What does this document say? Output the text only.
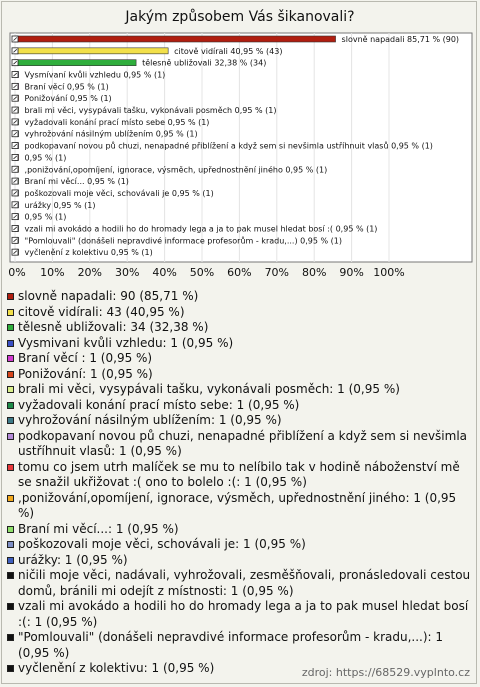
Jakým způsobem Vás šikanovali?
0% 10% 20% 30% 40% 50% 60% 70% 80% 90% 100%
slovně napadali 85,71 % (90)
citově vidírali 40,95 % (43)
tělesně ubližovali 32,38 % (34)
Vysmívaní kvůli vzhledu 0,95 % (1)
Braní věcí 0,95 % (1)
Ponižování 0,95 % (1)
brali mi věci, vysypávali tašku, vykonávali posměch 0,95 % (1)
vyžadovali konání prací místo sebe 0,95 % (1)
vyhrožování násilným ublížením 0,95 % (1)
podkopavaní novou pů chuzi, nenapadné přiblížení a když sem si nevšimla ustříhnuit vlasů 0,95 % (1)
0,95 % (1)
,ponižování,opomíjení, ignorace, výsměch, upřednostnění jiného 0,95 % (1)
Braní mi věcí... 0,95 % (1)
poškozovali moje věci, schovávali je 0,95 % (1)
urážky 0,95 % (1)
0,95 % (1)
vzali mi avokádo a hodili ho do hromady lega a ja to pak musel hledat bosí :( 0,95 % (1)
"Pomlouvali" (donášeli nepravdivé informace profesorům - kradu,...) 0,95 % (1)
vyčlenění z kolektivu 0,95 % (1)
slovně napadali: 90 (85,71 %)
citově vidírali: 43 (40,95 %)
tělesně ubližovali: 34 (32,38 %)
Vysmivani kvůli vzhledu: 1 (0,95 %)
Braní věcí : 1 (0,95 %)
Ponižování: 1 (0,95 %)
brali mi věci, vysypávali tašku, vykonávali posměch: 1 (0,95 %)
vyžadovali konání prací místo sebe: 1 (0,95 %)
vyhrožování násilným ublížením: 1 (0,95 %)
podkopavaní novou pů chuzi, nenapadné přiblížení a když sem si nevšimla ustříhnuit vlasů: 1 (0,95 %)
tomu co jsem utrh malíček se mu to nelíbilo tak v hodině náboženství mě se snažil ukřižovat :( ono to bolelo :(: 1 (0,95 %)
,ponižování,opomíjení, ignorace, výsměch, upřednostnění jiného: 1 (0,95 %)
Braní mi věcí...: 1 (0,95 %)
poškozovali moje věci, schovávali je: 1 (0,95 %)
urážky: 1 (0,95 %)
ničili moje věci, nadávali, vyhrožovali, zesměšňovali, pronásledovali cestou domů, bránili mi odejít z místnosti: 1 (0,95 %)
vzali mi avokádo a hodili ho do hromady lega a ja to pak musel hledat bosí :(: 1 (0,95 %)
"Pomlouvali" (donášeli nepravdivé informace profesorům - kradu,...): 1 (0,95 %)
vyčlenění z kolektivu: 1 (0,95 %)	zdroj: https://68529.vyplnto.cz
